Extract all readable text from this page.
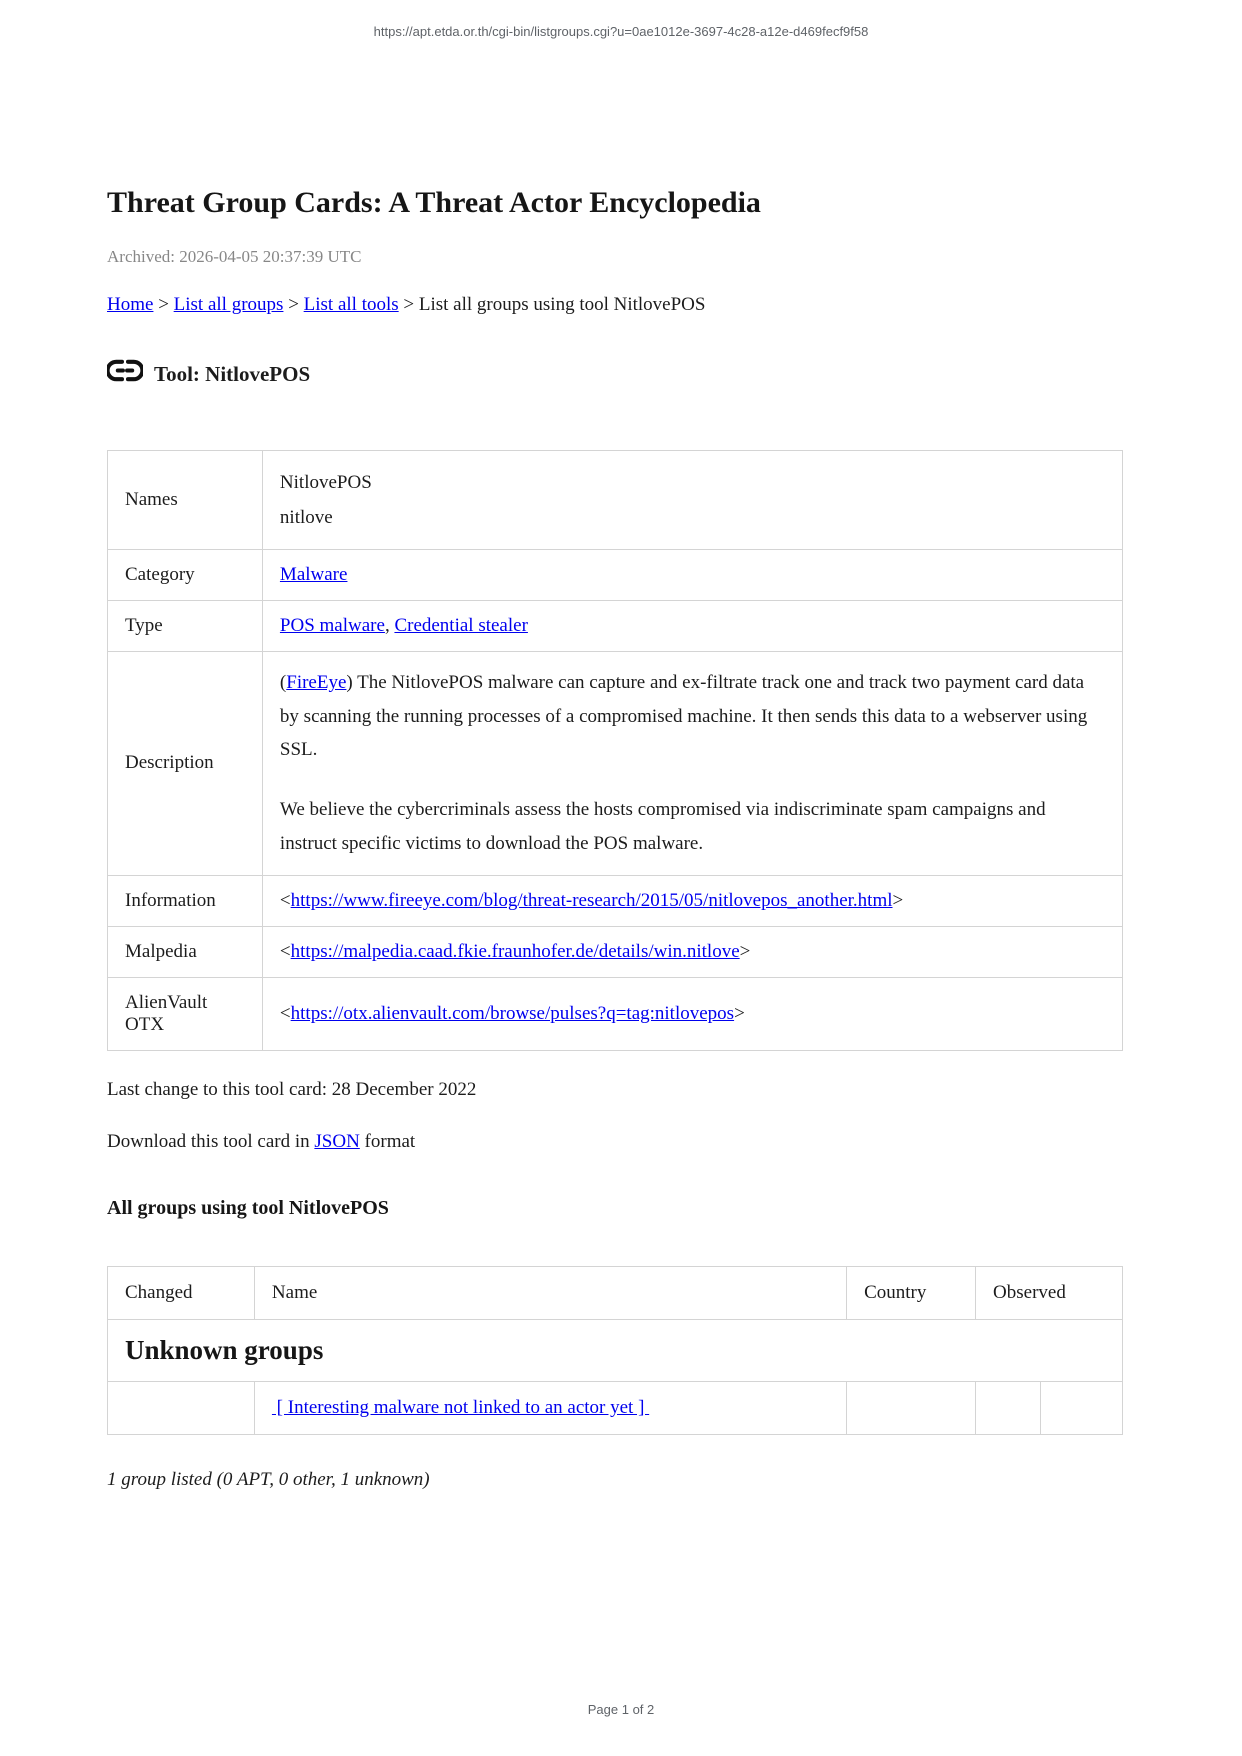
https://apt.etda.or.th/cgi-bin/listgroups.cgi?u=0ae1012e-3697-4c28-a12e-d469fecf9f58
Threat Group Cards: A Threat Actor Encyclopedia

Archived: 2026-04-05 20:37:39 UTC

Home > List all groups > List all tools > List all groups using tool NitlovePOS
Tool: NitlovePOS
Names	NitlovePOS
nitlove

Category	Malware
Type	POS malware, Credential stealer
Description	(FireEye) The NitlovePOS malware can capture and ex-filtrate track one and track two payment card data by scanning the running processes of a compromised machine. It then sends this data to a webserver using SSL.

We believe the cybercriminals assess the hosts compromised via indiscriminate spam campaigns and instruct specific victims to download the POS malware.

Information	<https://www.fireeye.com/blog/threat-research/2015/05/nitlovepos_another.html>
Malpedia	<https://malpedia.caad.fkie.fraunhofer.de/details/win.nitlove>
AlienVault OTX	<https://otx.alienvault.com/browse/pulses?q=tag:nitlovepos>

Last change to this tool card: 28 December 2022

Download this tool card in JSON format

All groups using tool NitlovePOS
Changed	Name	Country	Observed	
Unknown groups				
	[ Interesting malware not linked to an actor yet ]			

1 group listed (0 APT, 0 other, 1 unknown)

Page 1 of 2
